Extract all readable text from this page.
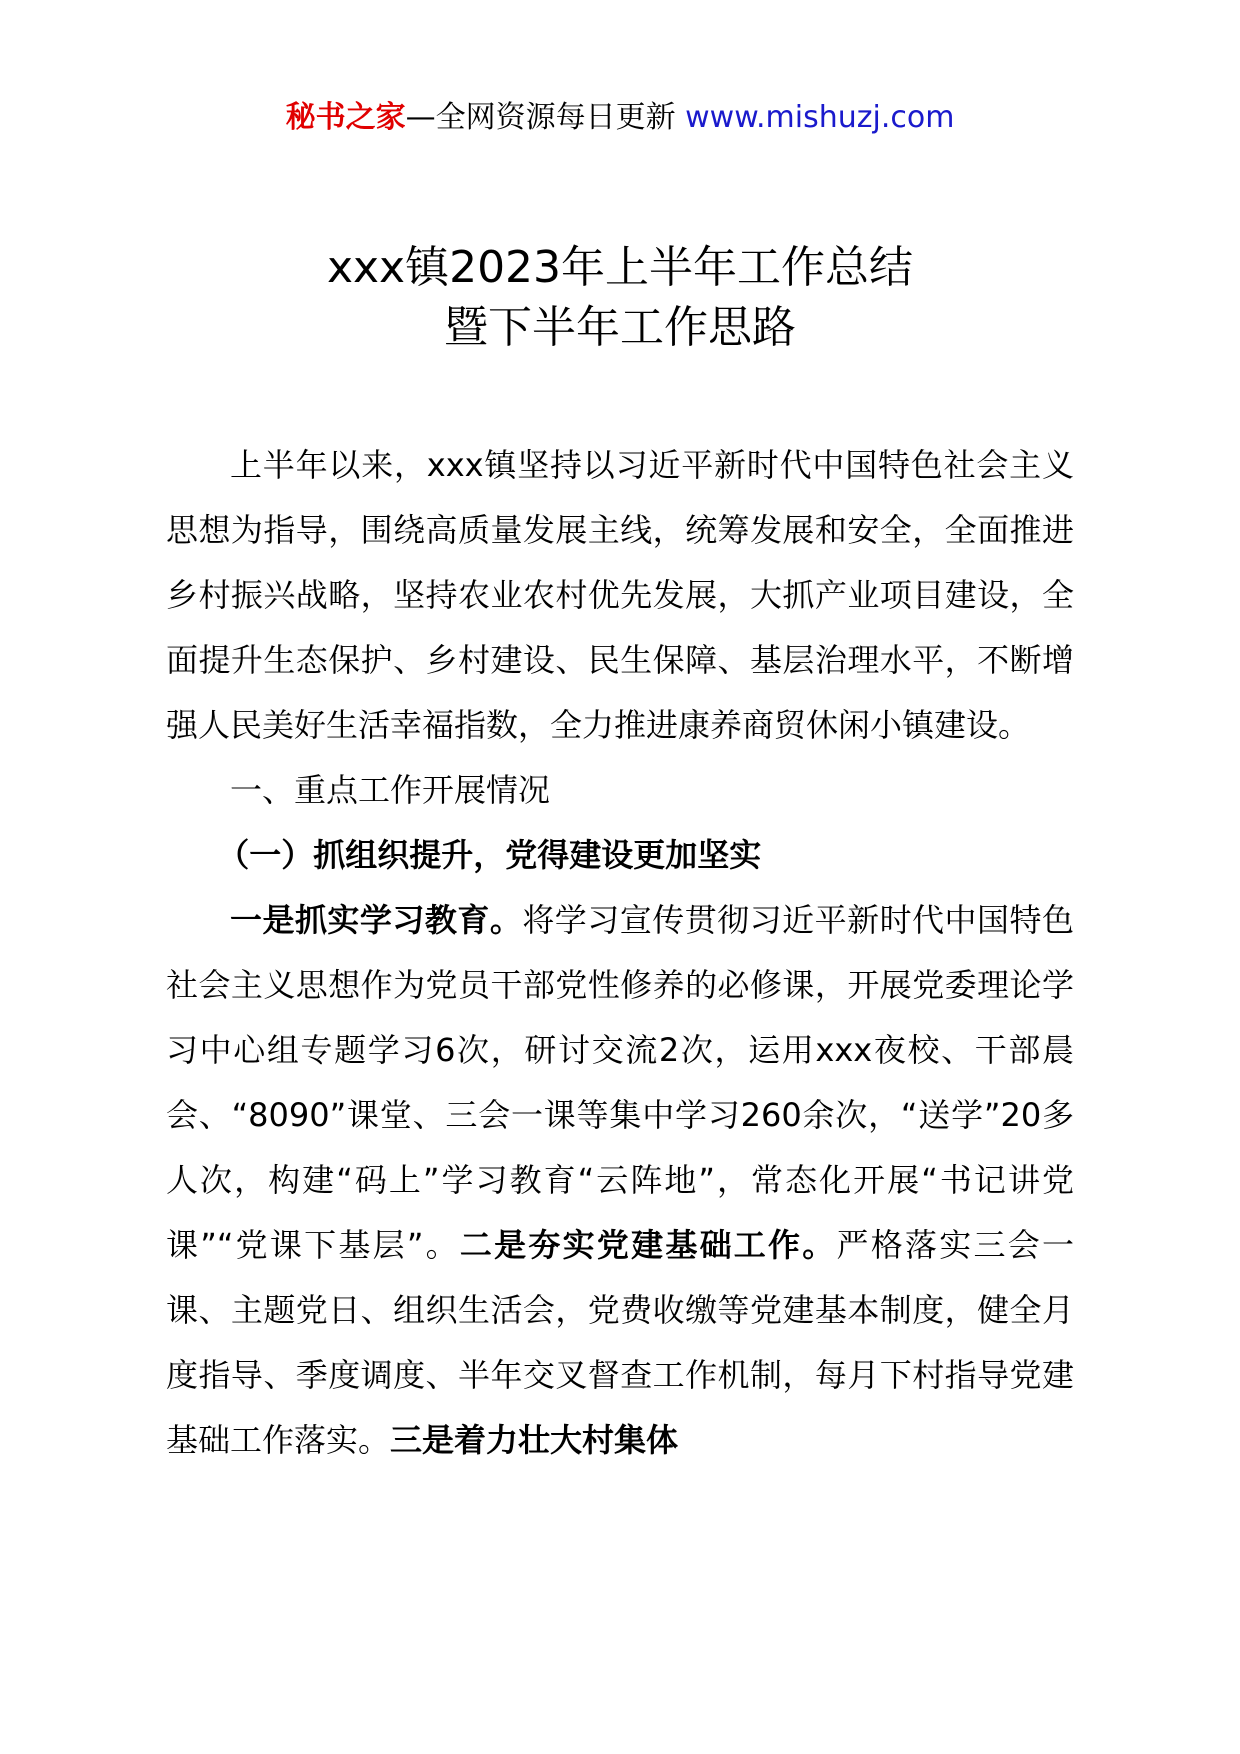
秘书之家—全网资源每日更新 www.mishuzj.com
xxx镇2023年上半年工作总结
暨下半年工作思路

上半年以来，xxx镇坚持以习近平新时代中国特色社会主义思想为指导，围绕高质量发展主线，统筹发展和安全，全面推进乡村振兴战略，坚持农业农村优先发展，大抓产业项目建设，全面提升生态保护、乡村建设、民生保障、基层治理水平，不断增强人民美好生活幸福指数，全力推进康养商贸休闲小镇建设。

一、重点工作开展情况

（一）抓组织提升，党得建设更加坚实

一是抓实学习教育。将学习宣传贯彻习近平新时代中国特色社会主义思想作为党员干部党性修养的必修课，开展党委理论学习中心组专题学习6次，研讨交流2次，运用xxx夜校、干部晨会、“8090”课堂、三会一课等集中学习260余次，“送学”20多人次，构建“码上”学习教育“云阵地”，常态化开展“书记讲党课”“党课下基层”。二是夯实党建基础工作。严格落实三会一课、主题党日、组织生活会，党费收缴等党建基本制度，健全月度指导、季度调度、半年交叉督查工作机制，每月下村指导党建基础工作落实。三是着力壮大村集体
